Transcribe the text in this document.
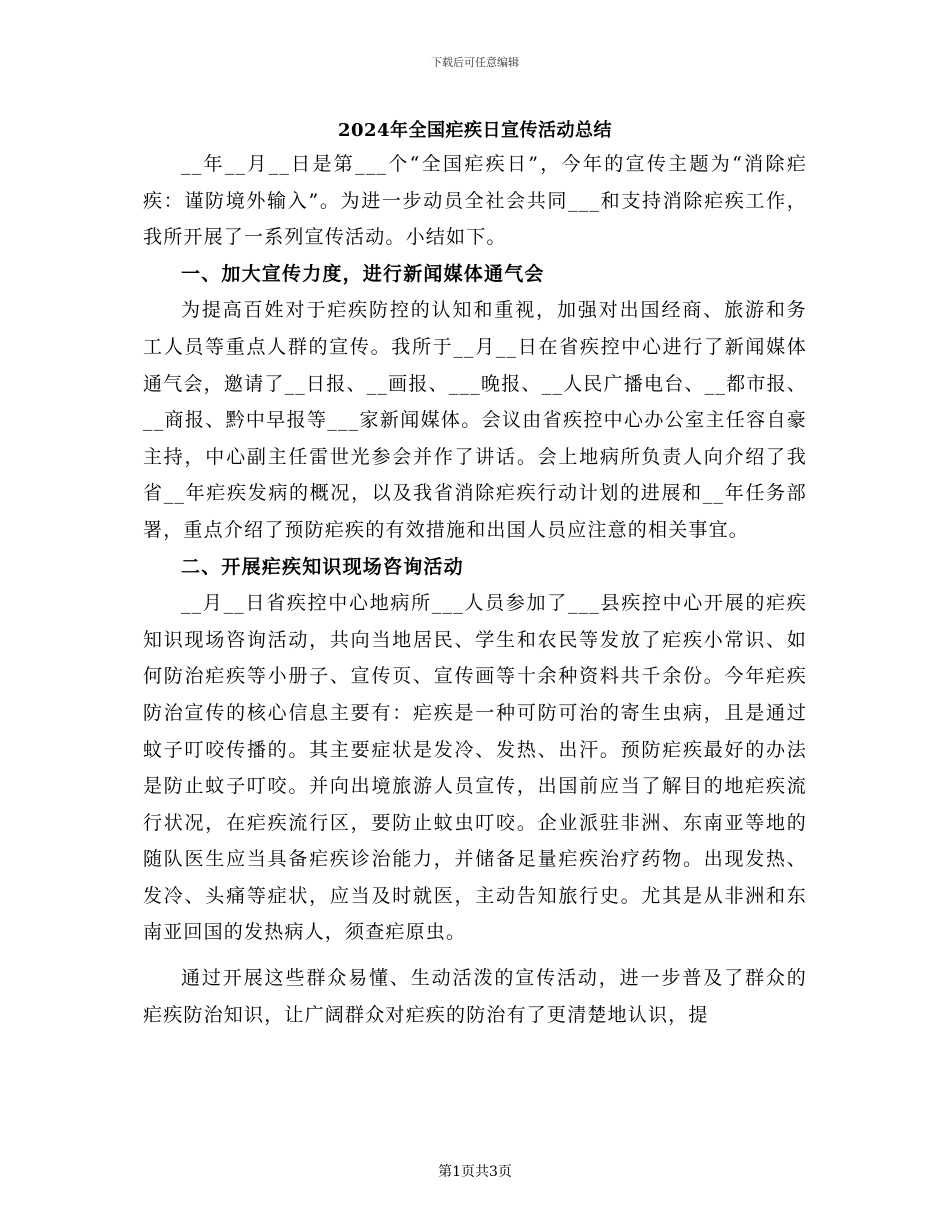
下载后可任意编辑
2024年全国疟疾日宣传活动总结

__年__月__日是第___个“全国疟疾日”，今年的宣传主题为“消除疟疾：谨防境外输入”。为进一步动员全社会共同___和支持消除疟疾工作，我所开展了一系列宣传活动。小结如下。

一、加大宣传力度，进行新闻媒体通气会

为提高百姓对于疟疾防控的认知和重视，加强对出国经商、旅游和务工人员等重点人群的宣传。我所于__月__日在省疾控中心进行了新闻媒体通气会，邀请了__日报、__画报、___晚报、__人民广播电台、__都市报、__商报、黔中早报等___家新闻媒体。会议由省疾控中心办公室主任容自豪主持，中心副主任雷世光参会并作了讲话。会上地病所负责人向介绍了我省__年疟疾发病的概况，以及我省消除疟疾行动计划的进展和__年任务部署，重点介绍了预防疟疾的有效措施和出国人员应注意的相关事宜。

二、开展疟疾知识现场咨询活动

__月__日省疾控中心地病所___人员参加了___县疾控中心开展的疟疾知识现场咨询活动，共向当地居民、学生和农民等发放了疟疾小常识、如何防治疟疾等小册子、宣传页、宣传画等十余种资料共千余份。今年疟疾防治宣传的核心信息主要有：疟疾是一种可防可治的寄生虫病，且是通过蚊子叮咬传播的。其主要症状是发冷、发热、出汗。预防疟疾最好的办法是防止蚊子叮咬。并向出境旅游人员宣传，出国前应当了解目的地疟疾流行状况，在疟疾流行区，要防止蚊虫叮咬。企业派驻非洲、东南亚等地的随队医生应当具备疟疾诊治能力，并储备足量疟疾治疗药物。出现发热、发冷、头痛等症状，应当及时就医，主动告知旅行史。尤其是从非洲和东南亚回国的发热病人，须查疟原虫。

通过开展这些群众易懂、生动活泼的宣传活动，进一步普及了群众的疟疾防治知识，让广阔群众对疟疾的防治有了更清楚地认识，提

第1页共3页
